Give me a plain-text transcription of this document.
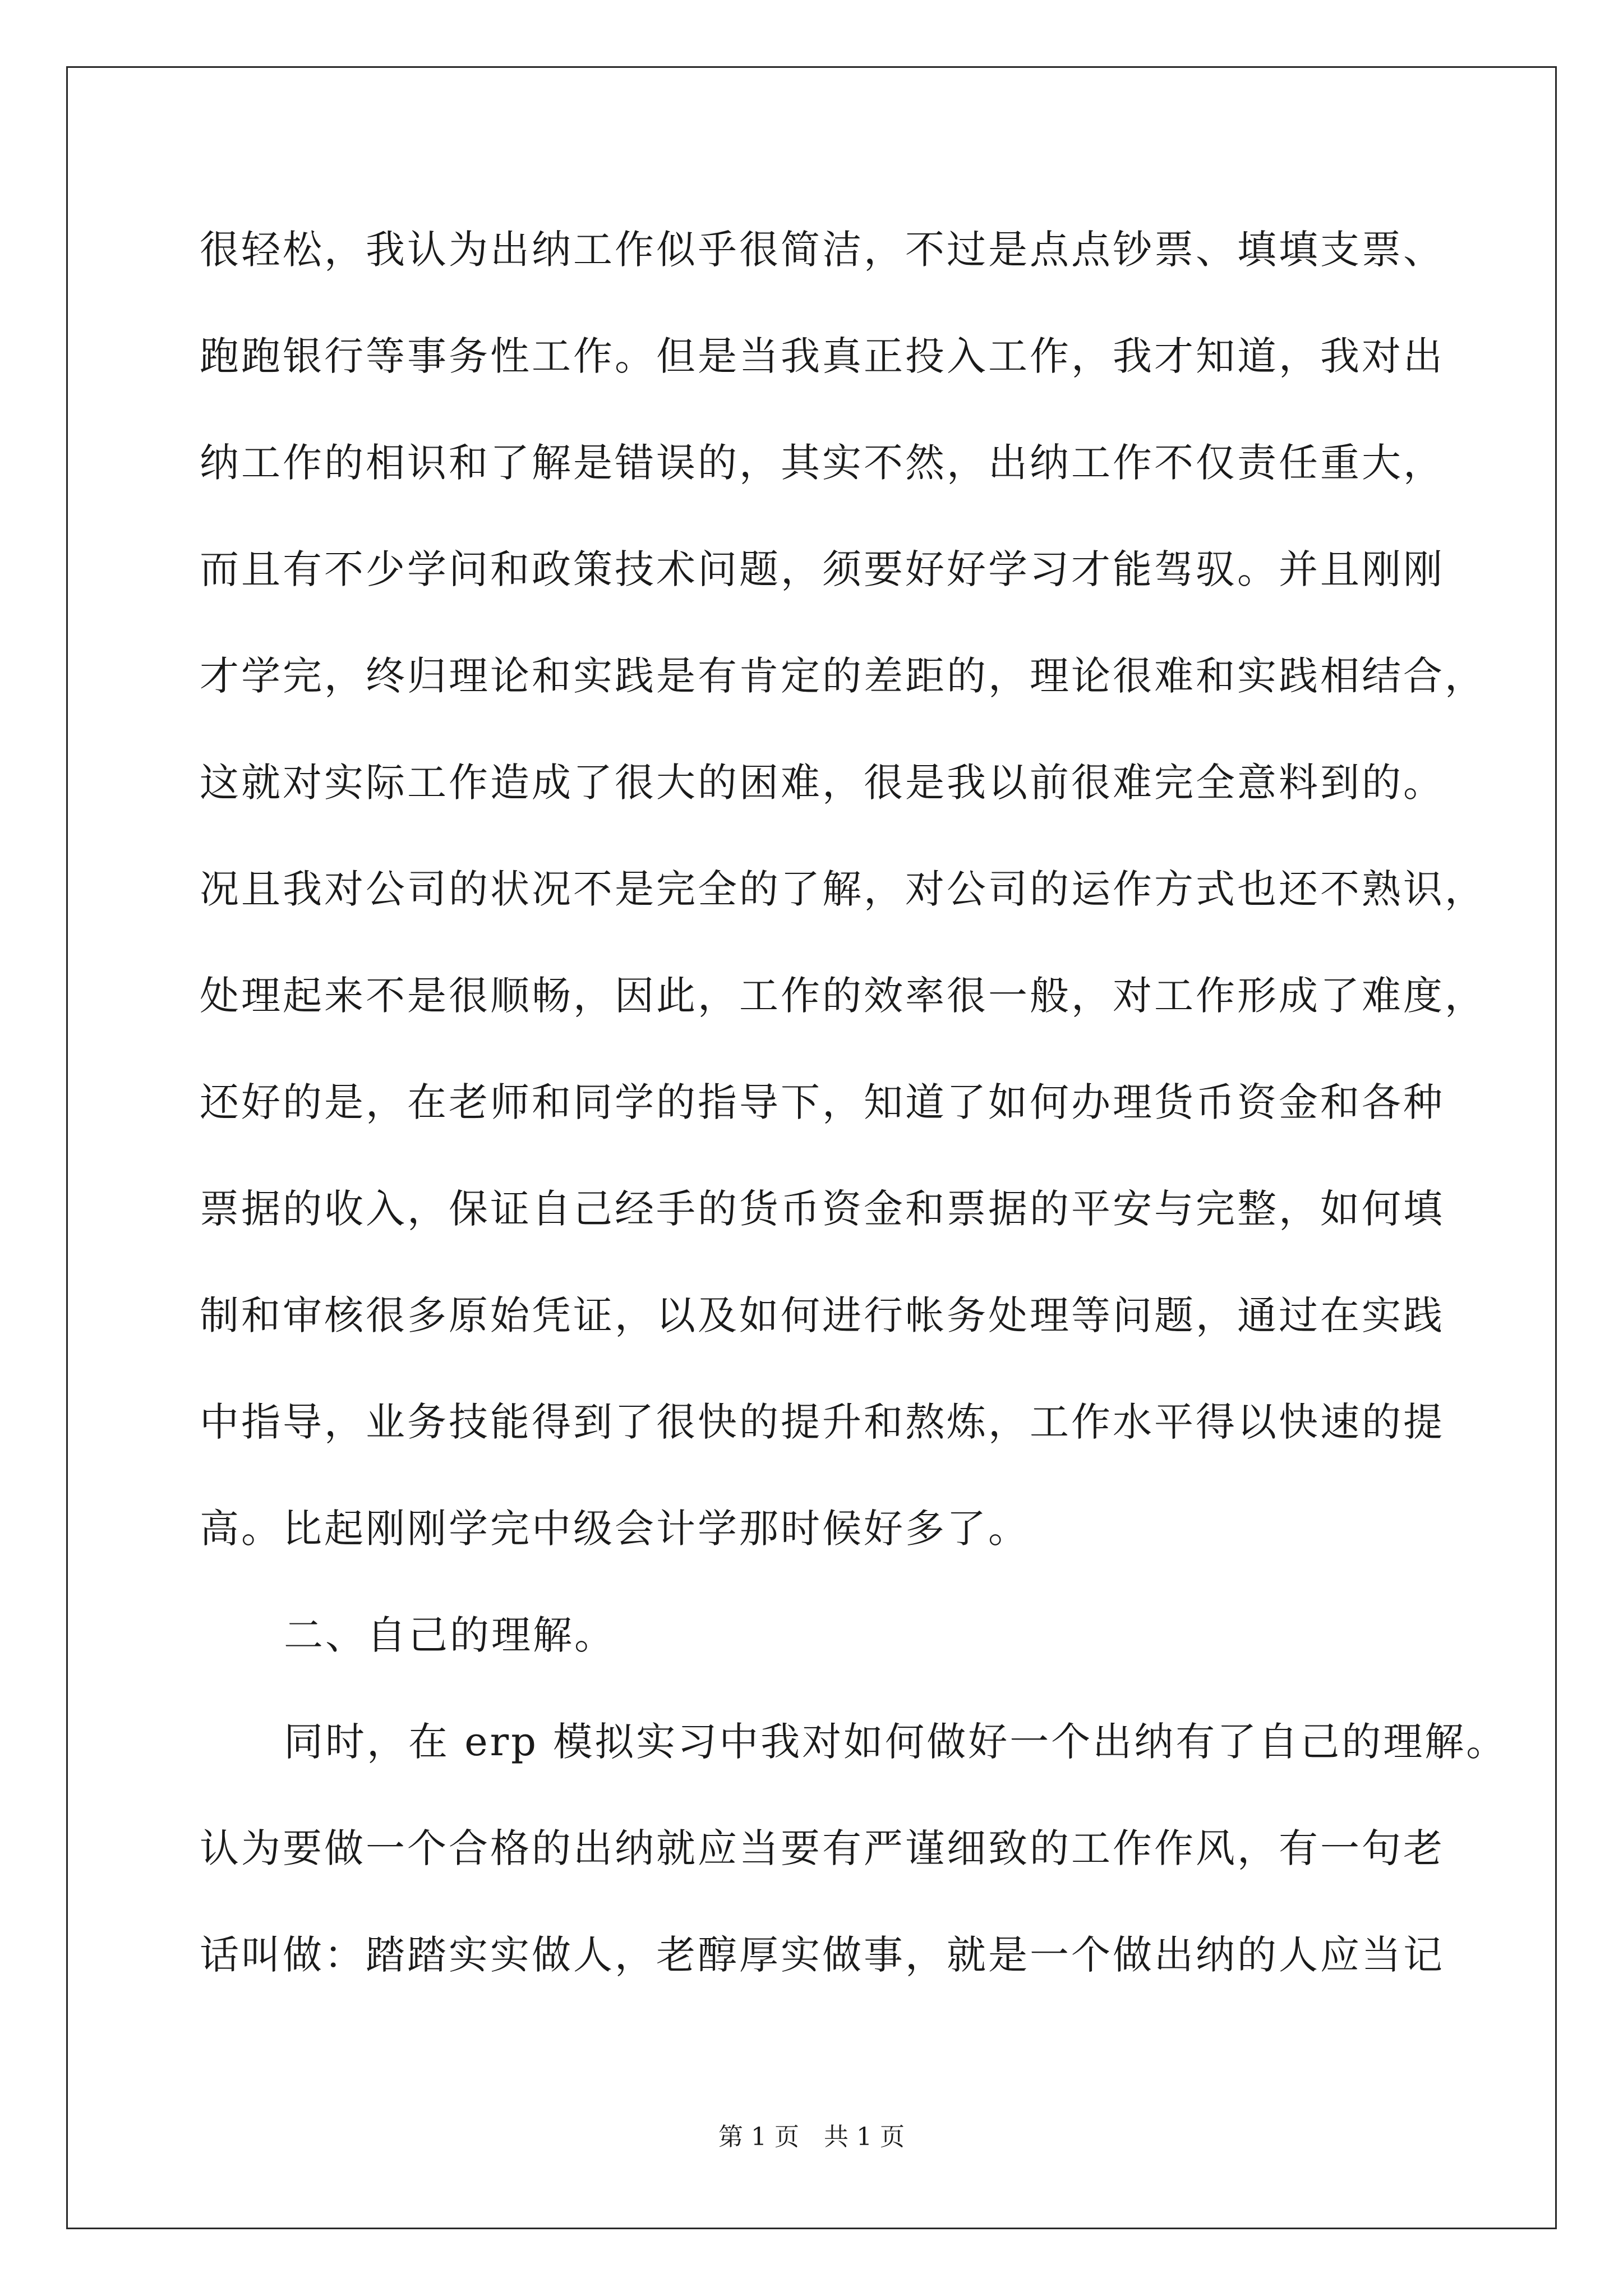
很轻松，我认为出纳工作似乎很简洁，不过是点点钞票、填填支票、
跑跑银行等事务性工作。但是当我真正投入工作，我才知道，我对出
纳工作的相识和了解是错误的，其实不然，出纳工作不仅责任重大，
而且有不少学问和政策技术问题，须要好好学习才能驾驭。并且刚刚
才学完，终归理论和实践是有肯定的差距的，理论很难和实践相结合，
这就对实际工作造成了很大的困难，很是我以前很难完全意料到的。
况且我对公司的状况不是完全的了解，对公司的运作方式也还不熟识，
处理起来不是很顺畅，因此，工作的效率很一般，对工作形成了难度，
还好的是，在老师和同学的指导下，知道了如何办理货币资金和各种
票据的收入，保证自己经手的货币资金和票据的平安与完整，如何填
制和审核很多原始凭证，以及如何进行帐务处理等问题，通过在实践
中指导，业务技能得到了很快的提升和熬炼，工作水平得以快速的提
高。比起刚刚学完中级会计学那时候好多了。
二、自己的理解。
同时，在 erp 模拟实习中我对如何做好一个出纳有了自己的理解。
认为要做一个合格的出纳就应当要有严谨细致的工作作风，有一句老
话叫做：踏踏实实做人，老醇厚实做事，就是一个做出纳的人应当记
第 1 页 共 1 页
